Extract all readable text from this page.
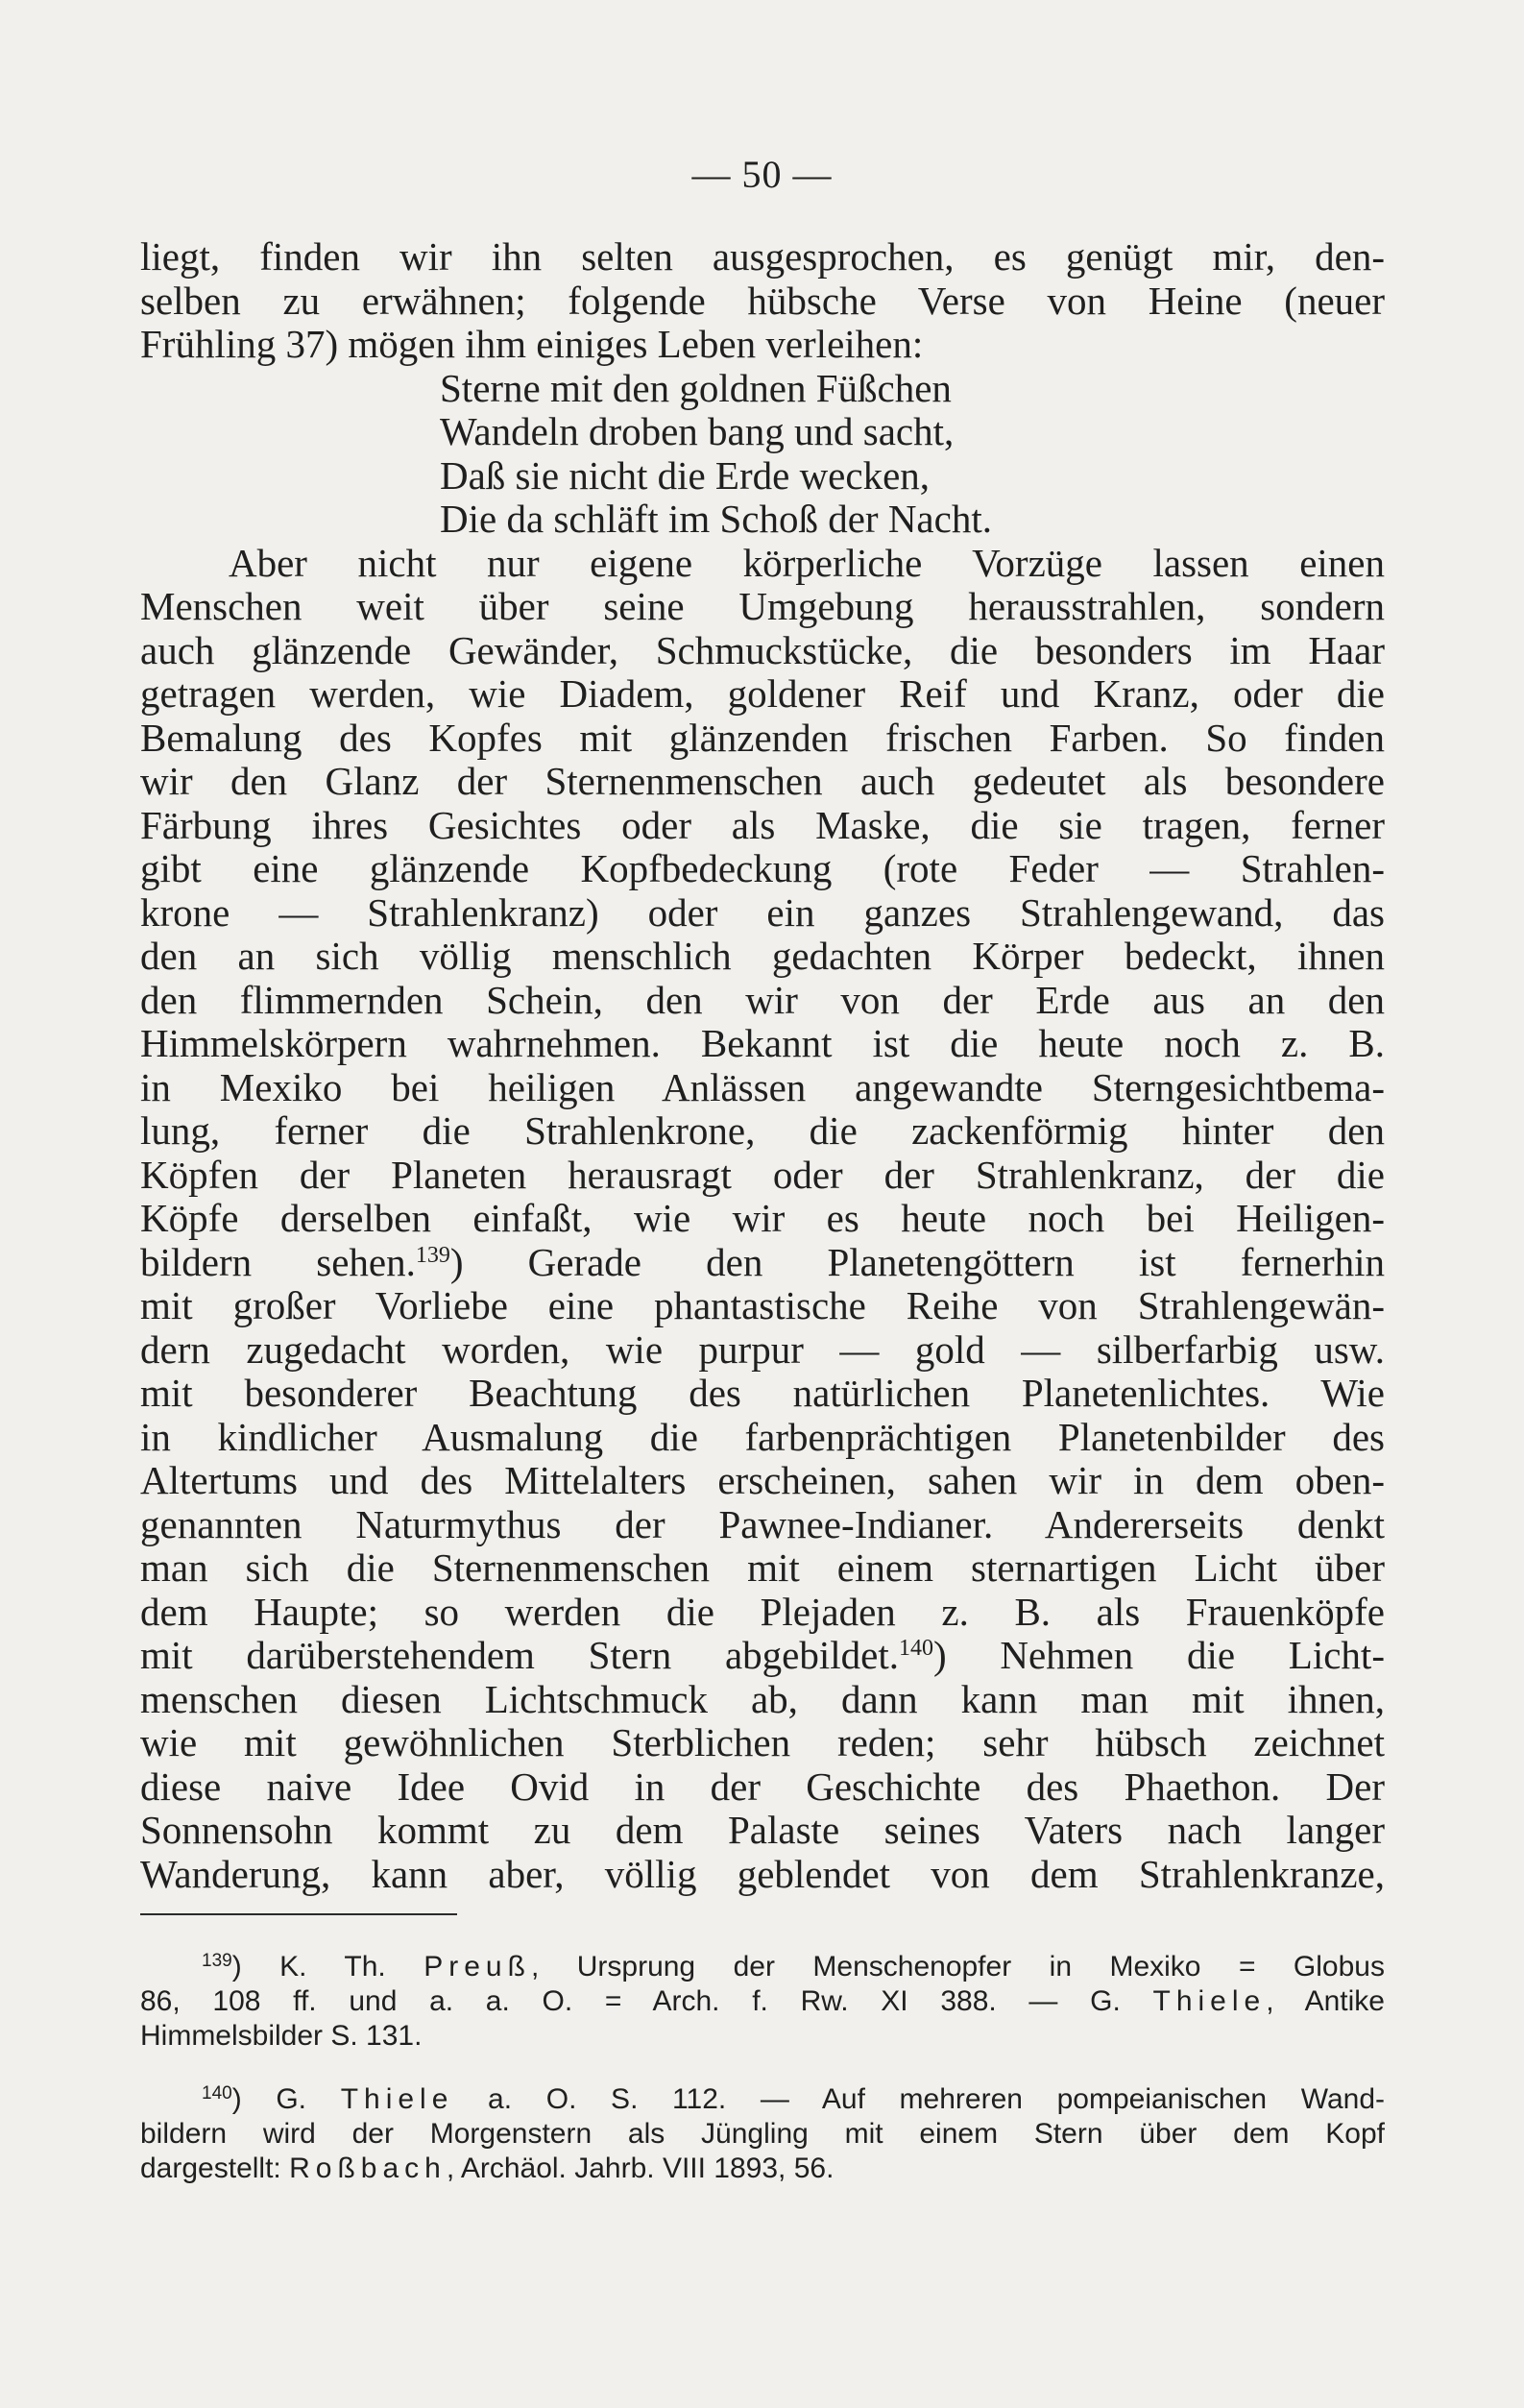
— 50 —
liegt, finden wir ihn selten ausgesprochen, es genügt mir, den-
selben zu erwähnen; folgende hübsche Verse von Heine (neuer
Frühling 37) mögen ihm einiges Leben verleihen:
Sterne mit den goldnen Füßchen
Wandeln droben bang und sacht,
Daß sie nicht die Erde wecken,
Die da schläft im Schoß der Nacht.
Aber nicht nur eigene körperliche Vorzüge lassen einen
Menschen weit über seine Umgebung herausstrahlen, sondern
auch glänzende Gewänder, Schmuckstücke, die besonders im Haar
getragen werden, wie Diadem, goldener Reif und Kranz, oder die
Bemalung des Kopfes mit glänzenden frischen Farben. So finden
wir den Glanz der Sternenmenschen auch gedeutet als besondere
Färbung ihres Gesichtes oder als Maske, die sie tragen, ferner
gibt eine glänzende Kopfbedeckung (rote Feder — Strahlen-
krone — Strahlenkranz) oder ein ganzes Strahlengewand, das
den an sich völlig menschlich gedachten Körper bedeckt, ihnen
den flimmernden Schein, den wir von der Erde aus an den
Himmelskörpern wahrnehmen. Bekannt ist die heute noch z. B.
in Mexiko bei heiligen Anlässen angewandte Sterngesichtbema-
lung, ferner die Strahlenkrone, die zackenförmig hinter den
Köpfen der Planeten herausragt oder der Strahlenkranz, der die
Köpfe derselben einfaßt, wie wir es heute noch bei Heiligen-
bildern sehen.$^{139}$) Gerade den Planetengöttern ist fernerhin
mit großer Vorliebe eine phantastische Reihe von Strahlengewän-
dern zugedacht worden, wie purpur — gold — silberfarbig usw.
mit besonderer Beachtung des natürlichen Planetenlichtes. Wie
in kindlicher Ausmalung die farbenprächtigen Planetenbilder des
Altertums und des Mittelalters erscheinen, sahen wir in dem oben-
genannten Naturmythus der Pawnee-Indianer. Andererseits denkt
man sich die Sternenmenschen mit einem sternartigen Licht über
dem Haupte; so werden die Plejaden z. B. als Frauenköpfe
mit darüberstehendem Stern abgebildet.$^{140}$) Nehmen die Licht-
menschen diesen Lichtschmuck ab, dann kann man mit ihnen,
wie mit gewöhnlichen Sterblichen reden; sehr hübsch zeichnet
diese naive Idee Ovid in der Geschichte des Phaethon. Der
Sonnensohn kommt zu dem Palaste seines Vaters nach langer
Wanderung, kann aber, völlig geblendet von dem Strahlenkranze,
$^{139}$) K. Th. Preuß, Ursprung der Menschenopfer in Mexiko = Globus
86, 108 ff. und a. a. O. = Arch. f. Rw. XI 388. — G. Thiele, Antike
Himmelsbilder S. 131.
$^{140}$) G. Thiele a. O. S. 112. — Auf mehreren pompeianischen Wand-
bildern wird der Morgenstern als Jüngling mit einem Stern über dem Kopf
dargestellt: Roßbach, Archäol. Jahrb. VIII 1893, 56.
